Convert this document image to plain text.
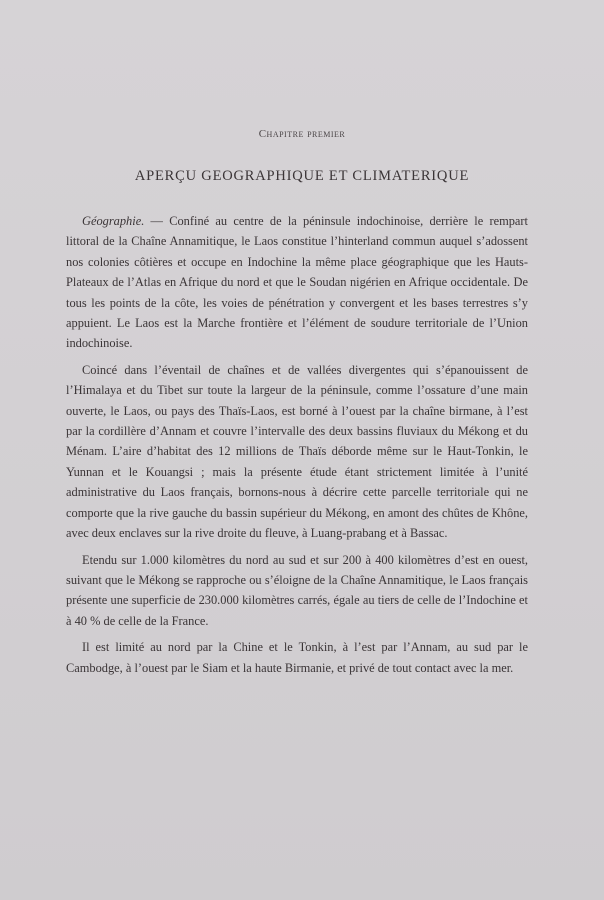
Chapitre premier
APERÇU GEOGRAPHIQUE ET CLIMATERIQUE

Géographie. — Confiné au centre de la péninsule indochinoise, derrière le rempart littoral de la Chaîne Annamitique, le Laos constitue l’hinterland commun auquel s’adossent nos colonies côtières et occupe en Indochine la même place géographique que les Hauts-Plateaux de l’Atlas en Afrique du nord et que le Soudan nigérien en Afrique occidentale. De tous les points de la côte, les voies de pénétration y convergent et les bases terrestres s’y appuient. Le Laos est la Marche frontière et l’élément de soudure territoriale de l’Union indochinoise.

Coincé dans l’éventail de chaînes et de vallées divergentes qui s’épanouissent de l’Himalaya et du Tibet sur toute la largeur de la péninsule, comme l’ossature d’une main ouverte, le Laos, ou pays des Thaïs-Laos, est borné à l’ouest par la chaîne birmane, à l’est par la cordillère d’Annam et couvre l’intervalle des deux bassins fluviaux du Mékong et du Ménam. L’aire d’habitat des 12 millions de Thaïs déborde même sur le Haut-Tonkin, le Yunnan et le Kouangsi ; mais la présente étude étant strictement limitée à l’unité administrative du Laos français, bornons-nous à décrire cette parcelle territoriale qui ne comporte que la rive gauche du bassin supérieur du Mékong, en amont des chûtes de Khône, avec deux enclaves sur la rive droite du fleuve, à Luang-prabang et à Bassac.

Etendu sur 1.000 kilomètres du nord au sud et sur 200 à 400 kilomètres d’est en ouest, suivant que le Mékong se rapproche ou s’éloigne de la Chaîne Annamitique, le Laos français présente une superficie de 230.000 kilomètres carrés, égale au tiers de celle de l’Indochine et à 40 % de celle de la France.

Il est limité au nord par la Chine et le Tonkin, à l’est par l’Annam, au sud par le Cambodge, à l’ouest par le Siam et la haute Birmanie, et privé de tout contact avec la mer.
